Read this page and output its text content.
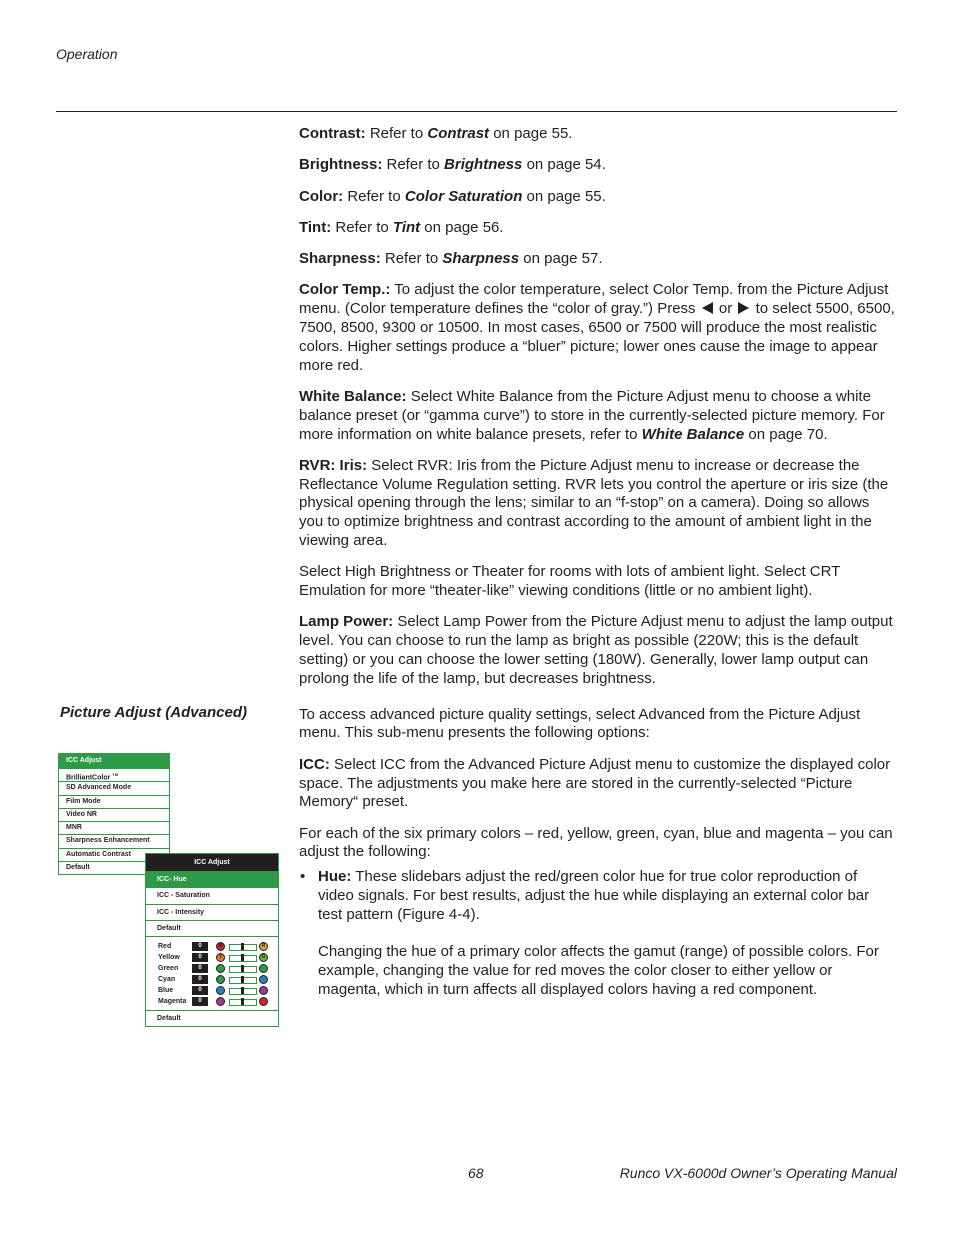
Operation

Contrast: Refer to Contrast on page 55.

Brightness: Refer to Brightness on page 54.

Color: Refer to Color Saturation on page 55.

Tint: Refer to Tint on page 56.

Sharpness: Refer to Sharpness on page 57.

Color Temp.: To adjust the color temperature, select Color Temp. from the Picture Adjust menu. (Color temperature defines the “color of gray.”) Press  or  to select 5500, 6500, 7500, 8500, 9300 or 10500. In most cases, 6500 or 7500 will produce the most realistic colors. Higher settings produce a “bluer” picture; lower ones cause the image to appear more red.

White Balance: Select White Balance from the Picture Adjust menu to choose a white balance preset (or “gamma curve”) to store in the currently-selected picture memory. For more information on white balance presets, refer to White Balance on page 70.

RVR: Iris: Select RVR: Iris from the Picture Adjust menu to increase or decrease the Reflectance Volume Regulation setting. RVR lets you control the aperture or iris size (the physical opening through the lens; similar to an “f-stop” on a camera). Doing so allows you to optimize brightness and contrast according to the amount of ambient light in the viewing area.

Select High Brightness or Theater for rooms with lots of ambient light. Select CRT Emulation for more “theater-like” viewing conditions (little or no ambient light).

Lamp Power: Select Lamp Power from the Picture Adjust menu to adjust the lamp output level. You can choose to run the lamp as bright as possible (220W; this is the default setting) or you can choose the lower setting (180W). Generally, lower lamp output can prolong the life of the lamp, but decreases brightness.

To access advanced picture quality settings, select Advanced from the Picture Adjust menu. This sub-menu presents the following options:

ICC: Select ICC from the Advanced Picture Adjust menu to customize the displayed color space. The adjustments you make here are stored in the currently-selected “Picture Memory“ preset.

For each of the six primary colors – red, yellow, green, cyan, blue and magenta – you can adjust the following:

• Hue: These slidebars adjust the red/green color hue for true color reproduction of video signals. For best results, adjust the hue while displaying an external color bar test pattern (Figure 4-4).

Changing the hue of a primary color affects the gamut (range) of possible colors. For example, changing the value for red moves the color closer to either yellow or magenta, which in turn affects all displayed colors having a red component.

Picture Adjust (Advanced)
ICC Adjust
BrilliantColor ™
SD Advanced Mode
Film Mode
Video NR
MNR
Sharpness Enhancement
Automatic Contrast
Default
ICC Adjust
ICC- Hue
ICC - Saturation
ICC - Intensity
Default
Red	0	M	R
Yellow	0	Y	G
Green	0
Cyan	0
Blue	0
Magenta	0
Default
68	Runco VX-6000d Owner’s Operating Manual
